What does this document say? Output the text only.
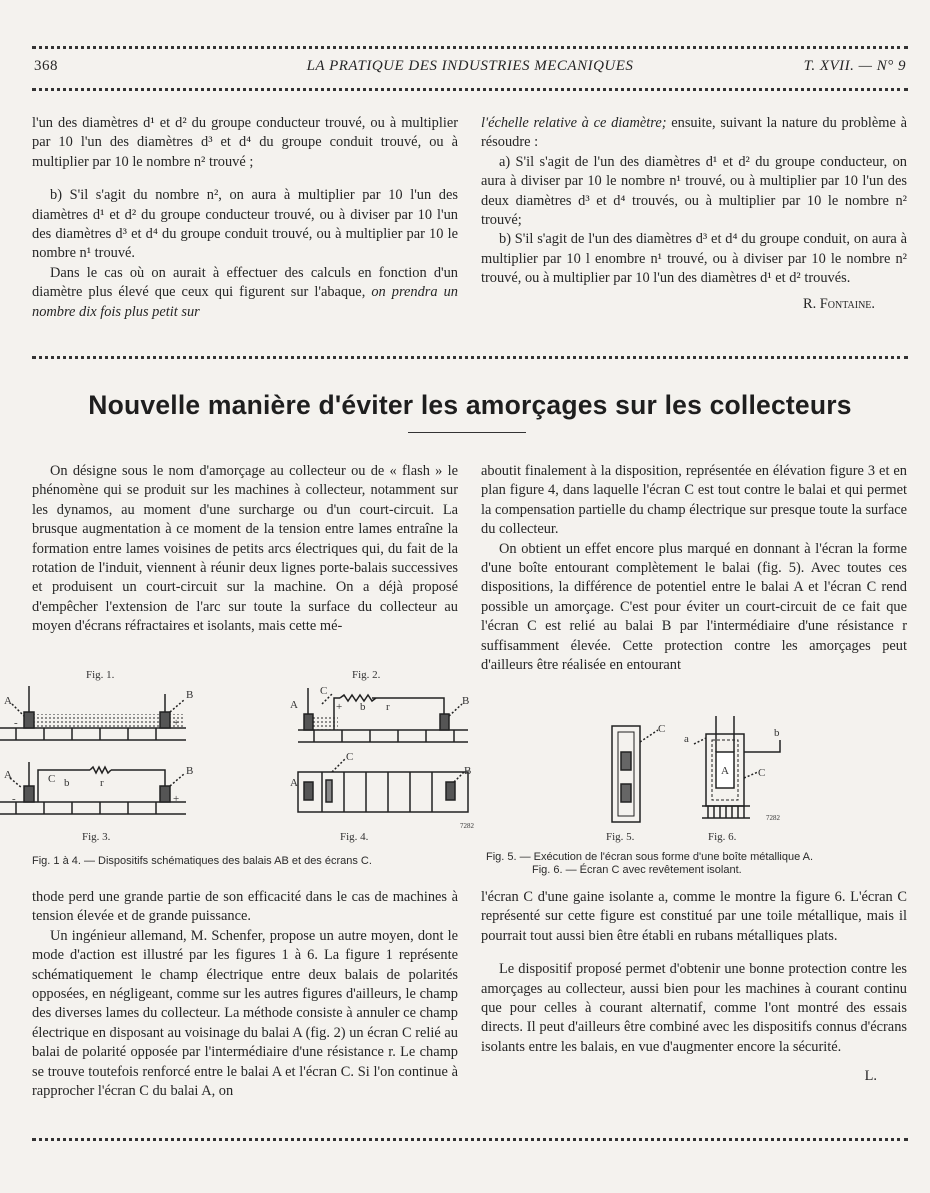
368	LA PRATIQUE DES INDUSTRIES MECANIQUES	T. XVII. — N° 9

l'un des diamètres d¹ et d² du groupe conducteur trouvé, ou à multiplier par 10 l'un des diamètres d³ et d⁴ du groupe conduit trouvé, ou à multiplier par 10 le nombre n² trouvé ;

b) S'il s'agit du nombre n², on aura à multiplier par 10 l'un des diamètres d¹ et d² du groupe conducteur trouvé, ou à diviser par 10 l'un des diamètres d³ et d⁴ du groupe conduit trouvé, ou à multiplier par 10 le nombre n¹ trouvé.

Dans le cas où on aurait à effectuer des calculs en fonction d'un diamètre plus élevé que ceux qui figurent sur l'abaque, on prendra un nombre dix fois plus petit sur

l'échelle relative à ce diamètre; ensuite, suivant la nature du problème à résoudre :

a) S'il s'agit de l'un des diamètres d¹ et d² du groupe conducteur, on aura à diviser par 10 le nombre n¹ trouvé, ou à multiplier par 10 l'un des deux diamètres d³ et d⁴ trouvés, ou à multiplier par 10 le nombre n² trouvé;

b) S'il s'agit de l'un des diamètres d³ et d⁴ du groupe conduit, on aura à multiplier par 10 l enombre n¹ trouvé, ou à diviser par 10 le nombre n² trouvé, ou à multiplier par 10 l'un des diamètres d¹ et d² trouvés.

R. Fontaine.
Nouvelle manière d'éviter les amorçages sur les collecteurs

On désigne sous le nom d'amorçage au collecteur ou de « flash » le phénomène qui se produit sur les machines à collecteur, notamment sur les dynamos, au moment d'une surcharge ou d'un court-circuit. La brusque augmentation à ce moment de la tension entre lames entraîne la formation entre lames voisines de petits arcs électriques qui, du fait de la rotation de l'induit, viennent à réunir deux lignes porte-balais successives et produisent un court-circuit sur la machine. On a déjà proposé d'empêcher l'extension de l'arc sur toute la surface du collecteur au moyen d'écrans réfractaires et isolants, mais cette mé-

aboutit finalement à la disposition, représentée en élévation figure 3 et en plan figure 4, dans laquelle l'écran C est tout contre le balai et qui permet la compensation partielle du champ électrique sur presque toute la surface du collecteur.

On obtient un effet encore plus marqué en donnant à l'écran la forme d'une boîte entourant complètement le balai (fig. 5). Avec toutes ces dispositions, la différence de potentiel entre le balai A et l'écran C rend possible un amorçage. C'est pour éviter un court-circuit de ce fait que l'écran C est relié au balai B par l'intermédiaire d'une résistance r suffisamment élevée. Cette protection contre les amorçages peut d'ailleurs être réalisée en entourant

Fig. 1.
A	B
-	+
Fig. 2.
A
C
b r	B
+
A	C b	r
B
-	+
Fig. 3.
A
C
B
Fig. 4.
7282
Fig. 1 à 4. — Dispositifs schématiques des balais AB et des écrans C.
C
Fig. 5.
a
A
b
C
Fig. 6.
7282
Fig. 5. — Exécution de l'écran sous forme d'une boîte métallique A.
Fig. 6. — Écran C avec revêtement isolant.

thode perd une grande partie de son efficacité dans le cas de machines à tension élevée et de grande puissance.

Un ingénieur allemand, M. Schenfer, propose un autre moyen, dont le mode d'action est illustré par les figures 1 à 6. La figure 1 représente schématiquement le champ électrique entre deux balais de polarités opposées, en négligeant, comme sur les autres figures d'ailleurs, le champ des diverses lames du collecteur. La méthode consiste à annuler ce champ électrique en disposant au voisinage du balai A (fig. 2) un écran C relié au balai de polarité opposée par l'intermédiaire d'une résistance r. Le champ se trouve toutefois renforcé entre le balai A et l'écran C. Si l'on continue à rapprocher l'écran C du balai A, on

l'écran C d'une gaine isolante a, comme le montre la figure 6. L'écran C représenté sur cette figure est constitué par une toile métallique, mais il pourrait tout aussi bien être établi en rubans métalliques plats.

Le dispositif proposé permet d'obtenir une bonne protection contre les amorçages au collecteur, aussi bien pour les machines à courant continu que pour celles à courant alternatif, comme l'ont montré des essais directs. Il peut d'ailleurs être combiné avec les dispositifs connus d'écrans isolants entre les balais, en vue d'augmenter encore la sécurité.

L.
